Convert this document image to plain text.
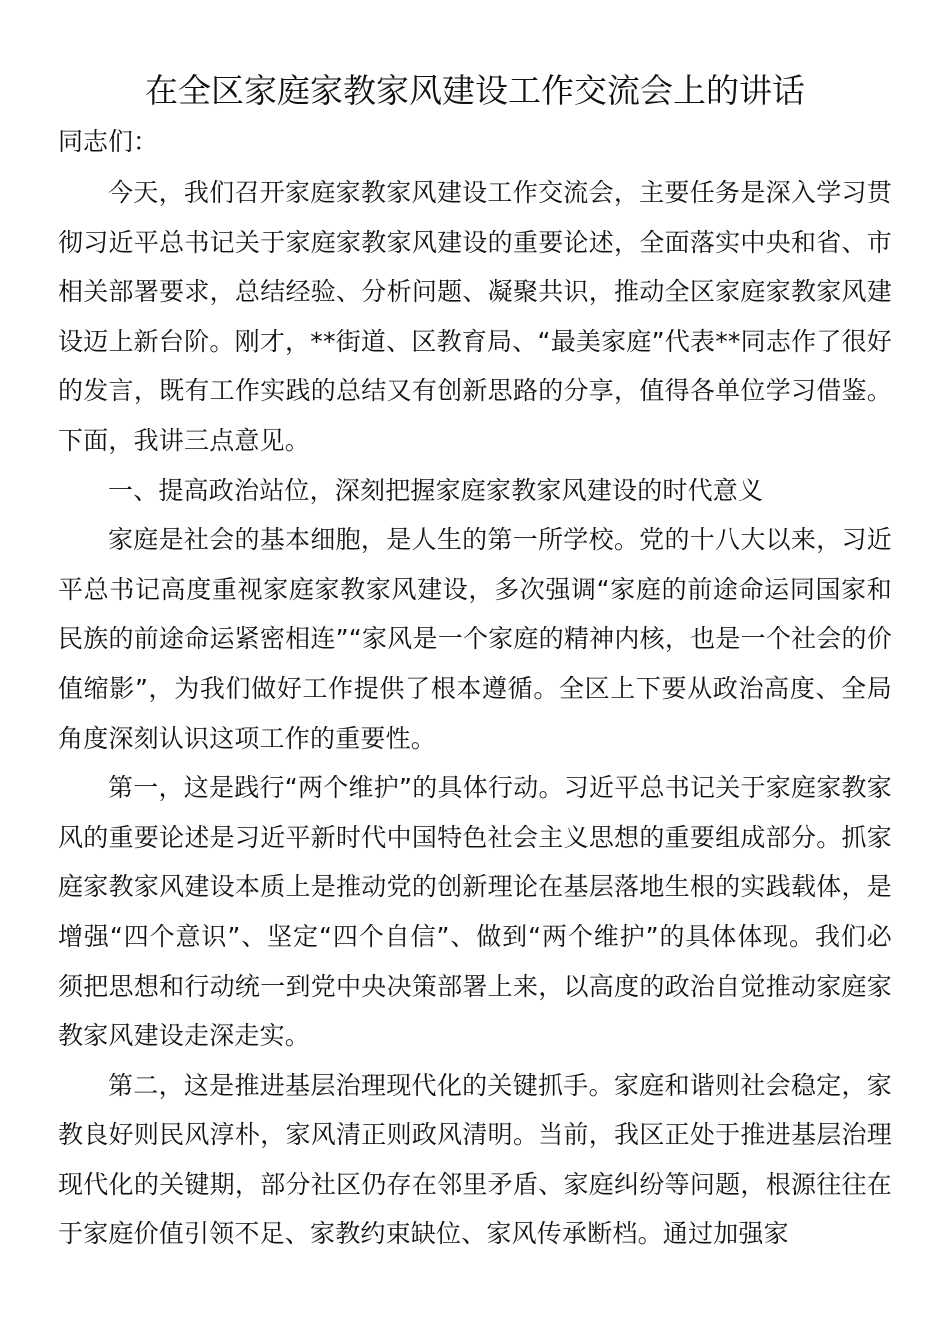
在全区家庭家教家风建设工作交流会上的讲话

同志们：

今天，我们召开家庭家教家风建设工作交流会，主要任务是深入学习贯彻习近平总书记关于家庭家教家风建设的重要论述，全面落实中央和省、市相关部署要求，总结经验、分析问题、凝聚共识，推动全区家庭家教家风建设迈上新台阶。刚才，**街道、区教育局、“最美家庭”代表**同志作了很好的发言，既有工作实践的总结又有创新思路的分享，值得各单位学习借鉴。下面，我讲三点意见。

一、提高政治站位，深刻把握家庭家教家风建设的时代意义

家庭是社会的基本细胞，是人生的第一所学校。党的十八大以来，习近平总书记高度重视家庭家教家风建设，多次强调“家庭的前途命运同国家和民族的前途命运紧密相连”“家风是一个家庭的精神内核，也是一个社会的价值缩影”，为我们做好工作提供了根本遵循。全区上下要从政治高度、全局角度深刻认识这项工作的重要性。

第一，这是践行“两个维护”的具体行动。习近平总书记关于家庭家教家风的重要论述是习近平新时代中国特色社会主义思想的重要组成部分。抓家庭家教家风建设本质上是推动党的创新理论在基层落地生根的实践载体，是增强“四个意识”、坚定“四个自信”、做到“两个维护”的具体体现。我们必须把思想和行动统一到党中央决策部署上来，以高度的政治自觉推动家庭家教家风建设走深走实。

第二，这是推进基层治理现代化的关键抓手。家庭和谐则社会稳定，家教良好则民风淳朴，家风清正则政风清明。当前，我区正处于推进基层治理现代化的关键期，部分社区仍存在邻里矛盾、家庭纠纷等问题，根源往往在于家庭价值引领不足、家教约束缺位、家风传承断档。通过加强家
